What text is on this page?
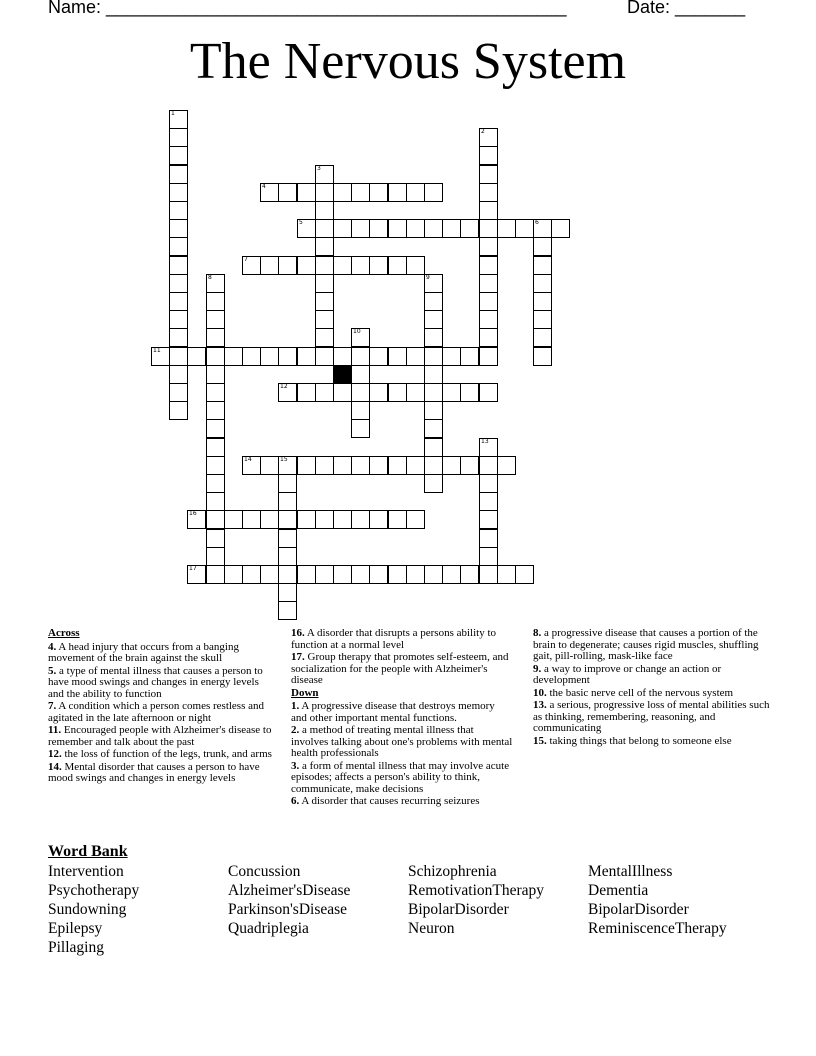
Name: ______________________________________________	Date: _______
The Nervous System
1
2
3
4
5	6
7
8	9
10
11
12
13
14	15
16
17
Across
4. A head injury that occurs from a banging movement of the brain against the skull
5. a type of mental illness that causes a person to have mood swings and changes in energy levels and the ability to function
7. A condition which a person comes restless and agitated in the late afternoon or night
11. Encouraged people with Alzheimer's disease to remember and talk about the past
12. the loss of function of the legs, trunk, and arms
14. Mental disorder that causes a person to have mood swings and changes in energy levels
16. A disorder that disrupts a persons ability to function at a normal level
17. Group therapy that promotes self-esteem, and socialization for the people with Alzheimer's disease
Down
1. A progressive disease that destroys memory and other important mental functions.
2. a method of treating mental illness that involves talking about one's problems with mental health professionals
3. a form of mental illness that may involve acute episodes; affects a person's ability to think, communicate, make decisions
6. A disorder that causes recurring seizures
8. a progressive disease that causes a portion of the brain to degenerate; causes rigid muscles, shuffling gait, pill-rolling, mask-like face
9. a way to improve or change an action or development
10. the basic nerve cell of the nervous system
13. a serious, progressive loss of mental abilities such as thinking, remembering, reasoning, and communicating
15. taking things that belong to someone else
Word Bank
Intervention	Concussion	Schizophrenia	MentalIllness
Psychotherapy	Alzheimer'sDisease	RemotivationTherapy	Dementia
Sundowning	Parkinson'sDisease	BipolarDisorder	BipolarDisorder
Epilepsy	Quadriplegia	Neuron	ReminiscenceTherapy
Pillaging
